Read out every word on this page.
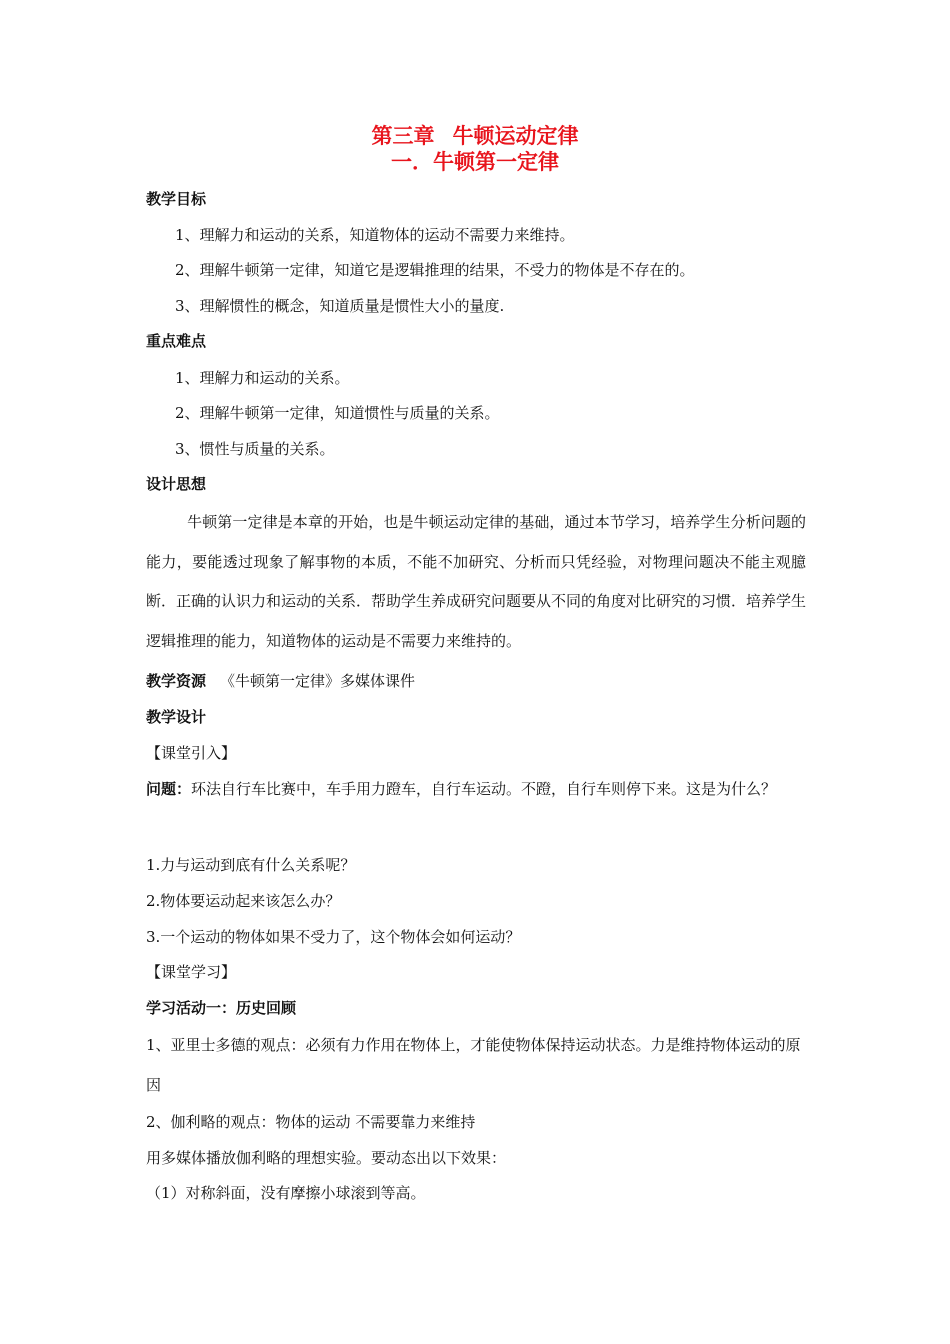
第三章 牛顿运动定律
一．牛顿第一定律
教学目标
1、理解力和运动的关系，知道物体的运动不需要力来维持。
2、理解牛顿第一定律，知道它是逻辑推理的结果，不受力的物体是不存在的。
3、理解惯性的概念，知道质量是惯性大小的量度.
重点难点
1、理解力和运动的关系。
2、理解牛顿第一定律，知道惯性与质量的关系。
3、惯性与质量的关系。
设计思想
牛顿第一定律是本章的开始，也是牛顿运动定律的基础，通过本节学习，培养学生分析问题的能力，要能透过现象了解事物的本质，不能不加研究、分析而只凭经验，对物理问题决不能主观臆断．正确的认识力和运动的关系．帮助学生养成研究问题要从不同的角度对比研究的习惯．培养学生逻辑推理的能力，知道物体的运动是不需要力来维持的。
教学资源 《牛顿第一定律》多媒体课件
教学设计
【课堂引入】
问题：环法自行车比赛中，车手用力蹬车，自行车运动。不蹬，自行车则停下来。这是为什么？
1.力与运动到底有什么关系呢？
2.物体要运动起来该怎么办？
3.一个运动的物体如果不受力了，这个物体会如何运动？
【课堂学习】
学习活动一：历史回顾
1、亚里士多德的观点：必须有力作用在物体上，才能使物体保持运动状态。力是维持物体运动的原因
2、伽利略的观点：物体的运动 不需要靠力来维持
用多媒体播放伽利略的理想实验。要动态出以下效果：
（1）对称斜面，没有摩擦小球滚到等高。
